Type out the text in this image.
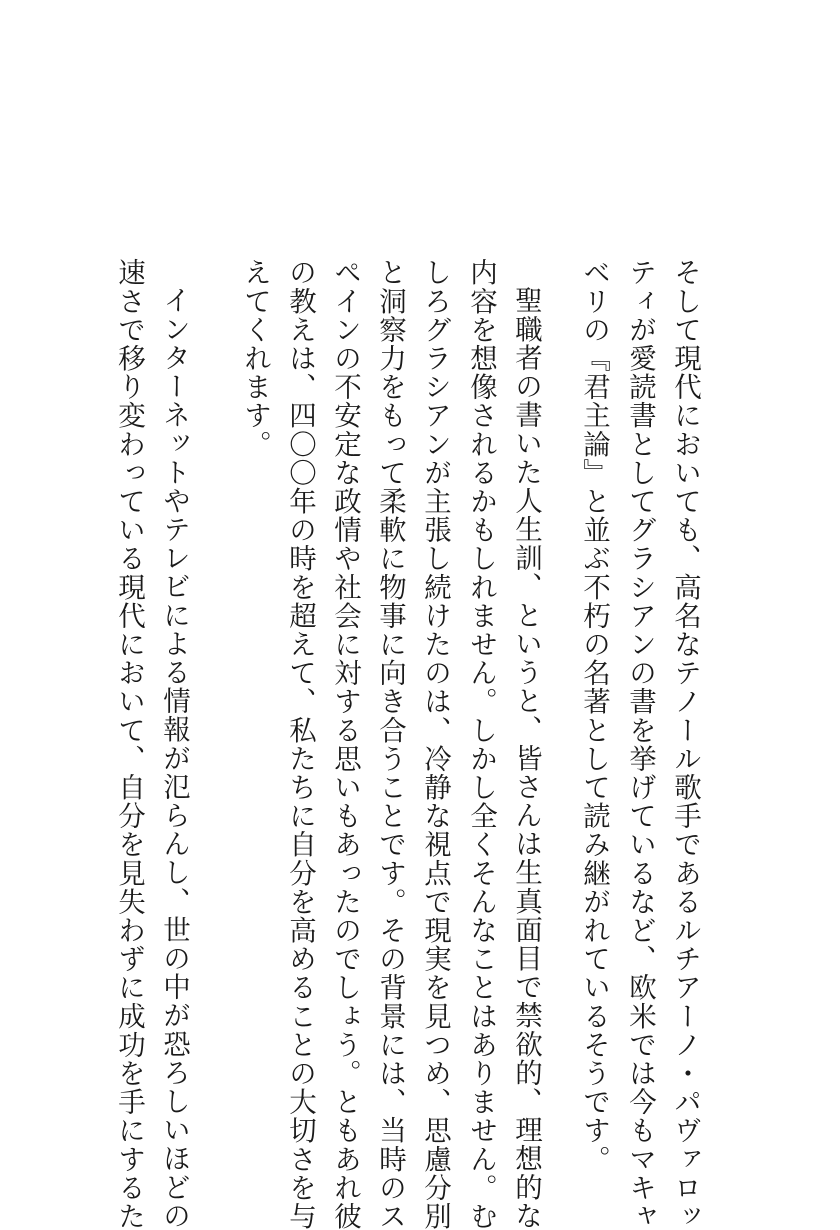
そして現代においても、高名なテノール歌手であるルチアーノ・パヴァロッ
ティが愛読書としてグラシアンの書を挙げているなど、欧米では今もマキャ
ベリの『君主論』と並ぶ不朽の名著として読み継がれているそうです。
聖職者の書いた人生訓、というと、皆さんは生真面目で禁欲的、理想的な
内容を想像されるかもしれません。しかし全くそんなことはありません。む
しろグラシアンが主張し続けたのは、冷静な視点で現実を見つめ、思慮分別
と洞察力をもって柔軟に物事に向き合うことです。その背景には、当時のス
ペインの不安定な政情や社会に対する思いもあったのでしょう。ともあれ彼
の教えは、四〇〇年の時を超えて、私たちに自分を高めることの大切さを与
えてくれます。
インターネットやテレビによる情報が氾らんし、世の中が恐ろしいほどの
速さで移り変わっている現代において、自分を見失わずに成功を手にするた
